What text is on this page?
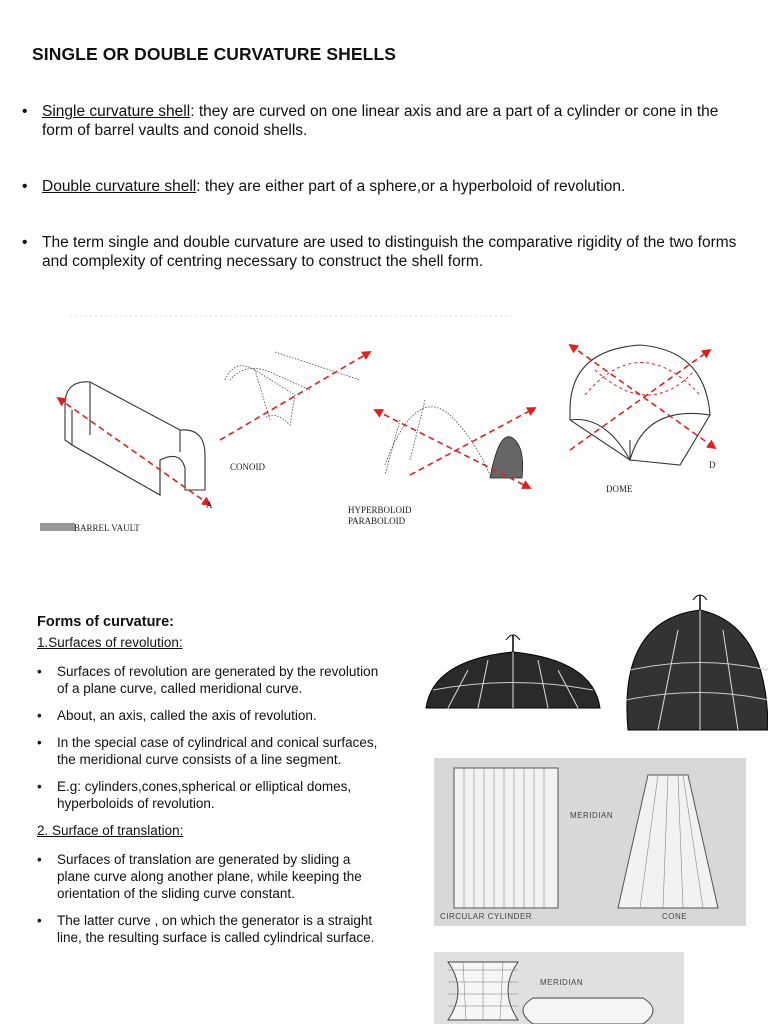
SINGLE OR DOUBLE CURVATURE SHELLS
• Single curvature shell: they are curved on one linear axis and are a part of a cylinder or cone in the form of barrel vaults and conoid shells.
• Double curvature shell: they are either part of a sphere,or a hyperboloid of revolution.
• The term single and double curvature are used to distinguish the comparative rigidity of the two forms and complexity of centring necessary to construct the shell form.
BARREL VAULT
A
CONOID
HYPERBOLOID
PARABOLOID
DOME
D
Forms of curvature:
1.Surfaces of revolution:
• Surfaces of revolution are generated by the revolution of a plane curve, called meridional curve.
• About, an axis, called the axis of revolution.
• In the special case of cylindrical and conical surfaces, the meridional curve consists of a line segment.
• E.g: cylinders,cones,spherical or elliptical domes, hyperboloids of revolution.
2. Surface of translation:
• Surfaces of translation are generated by sliding a plane curve along another plane, while keeping the orientation of the sliding curve constant.
• The latter curve , on which the generator is a straight line, the resulting surface is called cylindrical surface.
MERIDIAN
CIRCULAR CYLINDER	CONE
MERIDIAN
